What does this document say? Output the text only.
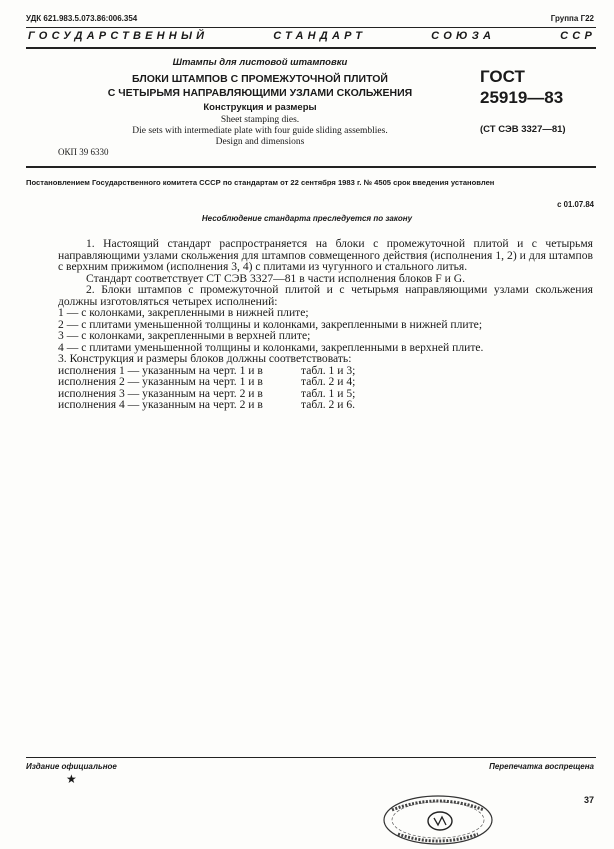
УДК 621.983.5.073.86:006.354	Группа Г22
ГОСУДАРСТВЕННЫЙ	СТАНДАРТ	СОЮЗА	ССР
Штампы для листовой штамповки
БЛОКИ ШТАМПОВ С ПРОМЕЖУТОЧНОЙ ПЛИТОЙ
С ЧЕТЫРЬМЯ НАПРАВЛЯЮЩИМИ УЗЛАМИ СКОЛЬЖЕНИЯ
Конструкция и размеры
Sheet stamping dies.
Die sets with intermediate plate with four guide sliding assemblies.
Design and dimensions
ГОСТ
25919—83
(СТ СЭВ 3327—81)
ОКП 39 6330
Постановлением Государственного комитета СССР по стандартам от 22 сентября 1983 г. № 4505 срок введения установлен
с 01.07.84
Несоблюдение стандарта преследуется по закону

1. Настоящий стандарт распространяется на блоки с промежуточной плитой и с четырьмя направляющими узлами скольжения для штампов совмещенного действия (исполнения 1, 2) и для штампов с верхним прижимом (исполнения 3, 4) с плитами из чугунного и стального литья.

Стандарт соответствует СТ СЭВ 3327—81 в части исполнения блоков F и G.

2. Блоки штампов с промежуточной плитой и с четырьмя направляющими узлами скольжения должны изготовляться четырех исполнений:

1 — с колонками, закрепленными в нижней плите;

2 — с плитами уменьшенной толщины и колонками, закрепленными в нижней плите;

3 — с колонками, закрепленными в верхней плите;

4 — с плитами уменьшенной толщины и колонками, закрепленными в верхней плите.

3. Конструкция и размеры блоков должны соответствовать:

исполнения 1 — указанным на черт. 1 и в	табл. 1 и 3;

исполнения 2 — указанным на черт. 1 и в	табл. 2 и 4;

исполнения 3 — указанным на черт. 2 и в	табл. 1 и 5;

исполнения 4 — указанным на черт. 2 и в	табл. 2 и 6.

Издание официальное
★
Перепечатка воспрещена
37
